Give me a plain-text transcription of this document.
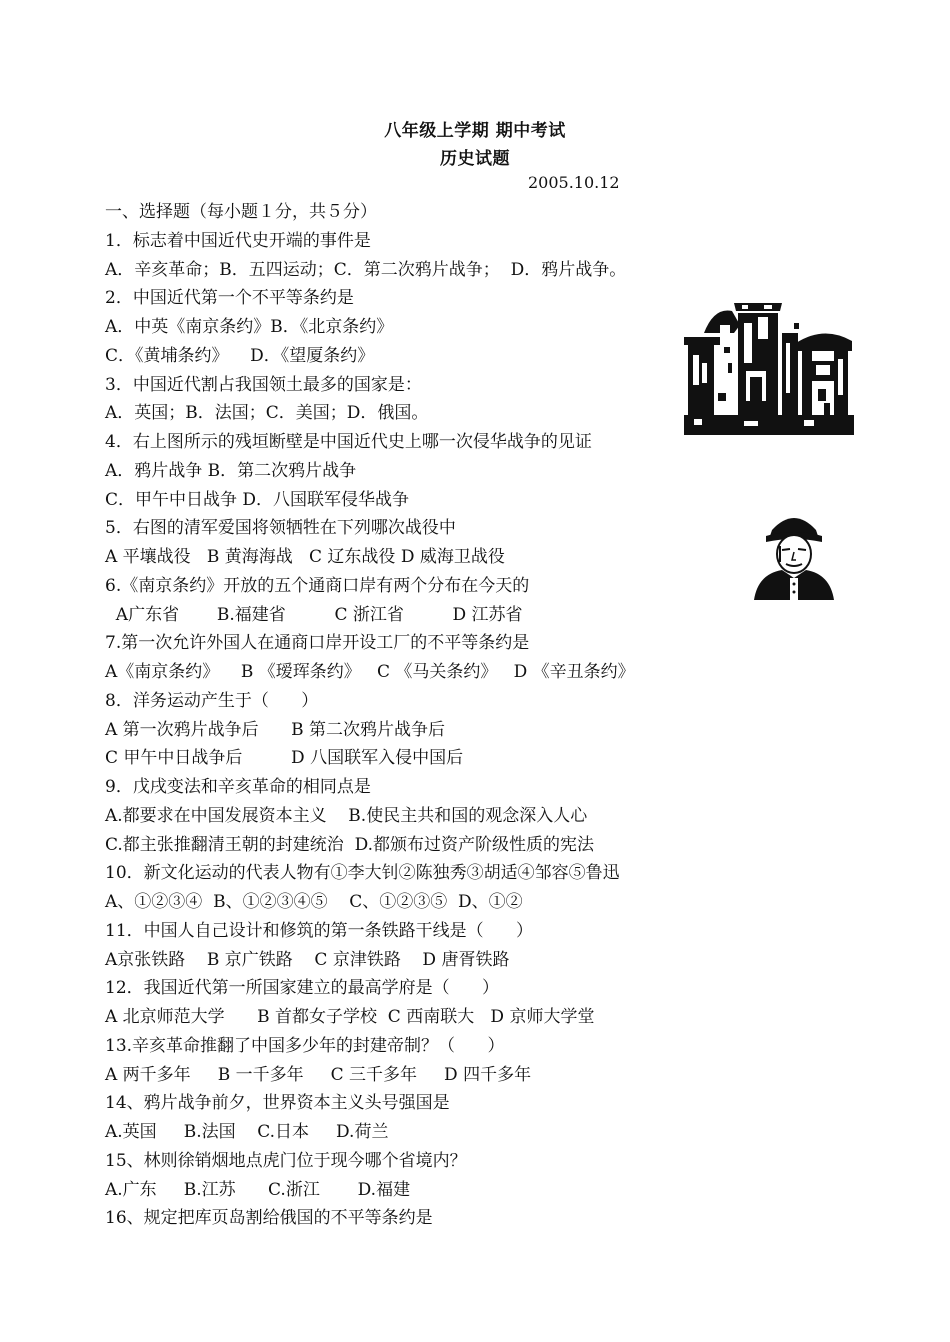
八年级上学期 期中考试
历史试题
2005.10.12
一、选择题（每小题１分，共５分）
1．标志着中国近代史开端的事件是
A．辛亥革命；B．五四运动；C．第二次鸦片战争；  D．鸦片战争。
2．中国近代第一个不平等条约是
A．中英《南京条约》B．《北京条约》
C．《黄埔条约》    D．《望厦条约》
3．中国近代割占我国领土最多的国家是：
A．英国；B．法国；C．美国；D．俄国。
4．右上图所示的残垣断壁是中国近代史上哪一次侵华战争的见证
A．鸦片战争 B．第二次鸦片战争
C．甲午中日战争 D．八国联军侵华战争
5．右图的清军爱国将领牺牲在下列哪次战役中
A 平壤战役   B 黄海海战   C 辽东战役 D 威海卫战役
6.《南京条约》开放的五个通商口岸有两个分布在今天的
A广东省       B.福建省         C 浙江省         D 江苏省
7.第一次允许外国人在通商口岸开设工厂的不平等条约是
A《南京条约》    B 《瑷珲条约》   C 《马关条约》   D 《辛丑条约》
8．洋务运动产生于（      ）
A 第一次鸦片战争后      B 第二次鸦片战争后
C 甲午中日战争后         D 八国联军入侵中国后
9．戊戌变法和辛亥革命的相同点是
A.都要求在中国发展资本主义    B.使民主共和国的观念深入人心
C.都主张推翻清王朝的封建统治  D.都颁布过资产阶级性质的宪法
10．新文化运动的代表人物有①李大钊②陈独秀③胡适④邹容⑤鲁迅
A、①②③④  B、①②③④⑤    C、①②③⑤  D、①②
11．中国人自己设计和修筑的第一条铁路干线是（      ）
A京张铁路    B 京广铁路    C 京津铁路    D 唐胥铁路
12．我国近代第一所国家建立的最高学府是（      ）
A 北京师范大学      B 首都女子学校  C 西南联大   D 京师大学堂
13.辛亥革命推翻了中国多少年的封建帝制？（      ）
A 两千多年     B 一千多年     C 三千多年     D 四千多年
14、鸦片战争前夕，世界资本主义头号强国是
A.英国     B.法国    C.日本     D.荷兰
15、林则徐销烟地点虎门位于现今哪个省境内？
A.广东     B.江苏      C.浙江       D.福建
16、规定把库页岛割给俄国的不平等条约是
